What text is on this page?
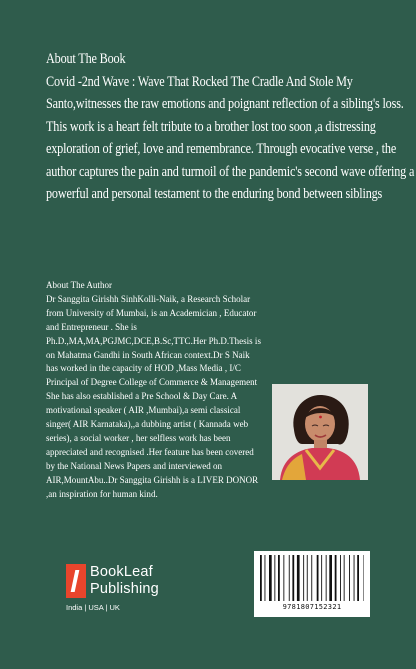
About The Book
Covid -2nd Wave : Wave That Rocked The Cradle And Stole My
Santo,witnesses the raw emotions and poignant reflection of a sibling's loss.
This work is a heart felt tribute to a brother lost too soon ,a distressing
exploration of grief, love and remembrance. Through evocative verse , the
author captures the pain and turmoil of the pandemic's second wave offering a
powerful and personal testament to the enduring bond between siblings
About The Author
Dr Sanggita Girishh SinhKolli-Naik, a Research Scholar
from University of Mumbai, is an Academician , Educator
and Entrepreneur . She is
Ph.D.,MA,MA,PGJMC,DCE,B.Sc,TTC.Her Ph.D.Thesis is
on Mahatma Gandhi in South African context.Dr S Naik
has worked in the capacity of HOD ,Mass Media , I/C
Principal of Degree College of Commerce & Management
She has also established a Pre School & Day Care. A
motivational speaker ( AIR ,Mumbai),a semi classical
singer( AIR Karnataka),,a dubbing artist ( Kannada web
series), a social worker , her selfless work has been
appreciated and recognised .Her feature has been covered
by the National News Papers and interviewed on
AIR,MountAbu..Dr Sanggita Girishh is a LIVER DONOR
,an inspiration for human kind.
BookLeaf
Publishing
India | USA | UK	9781807152321
